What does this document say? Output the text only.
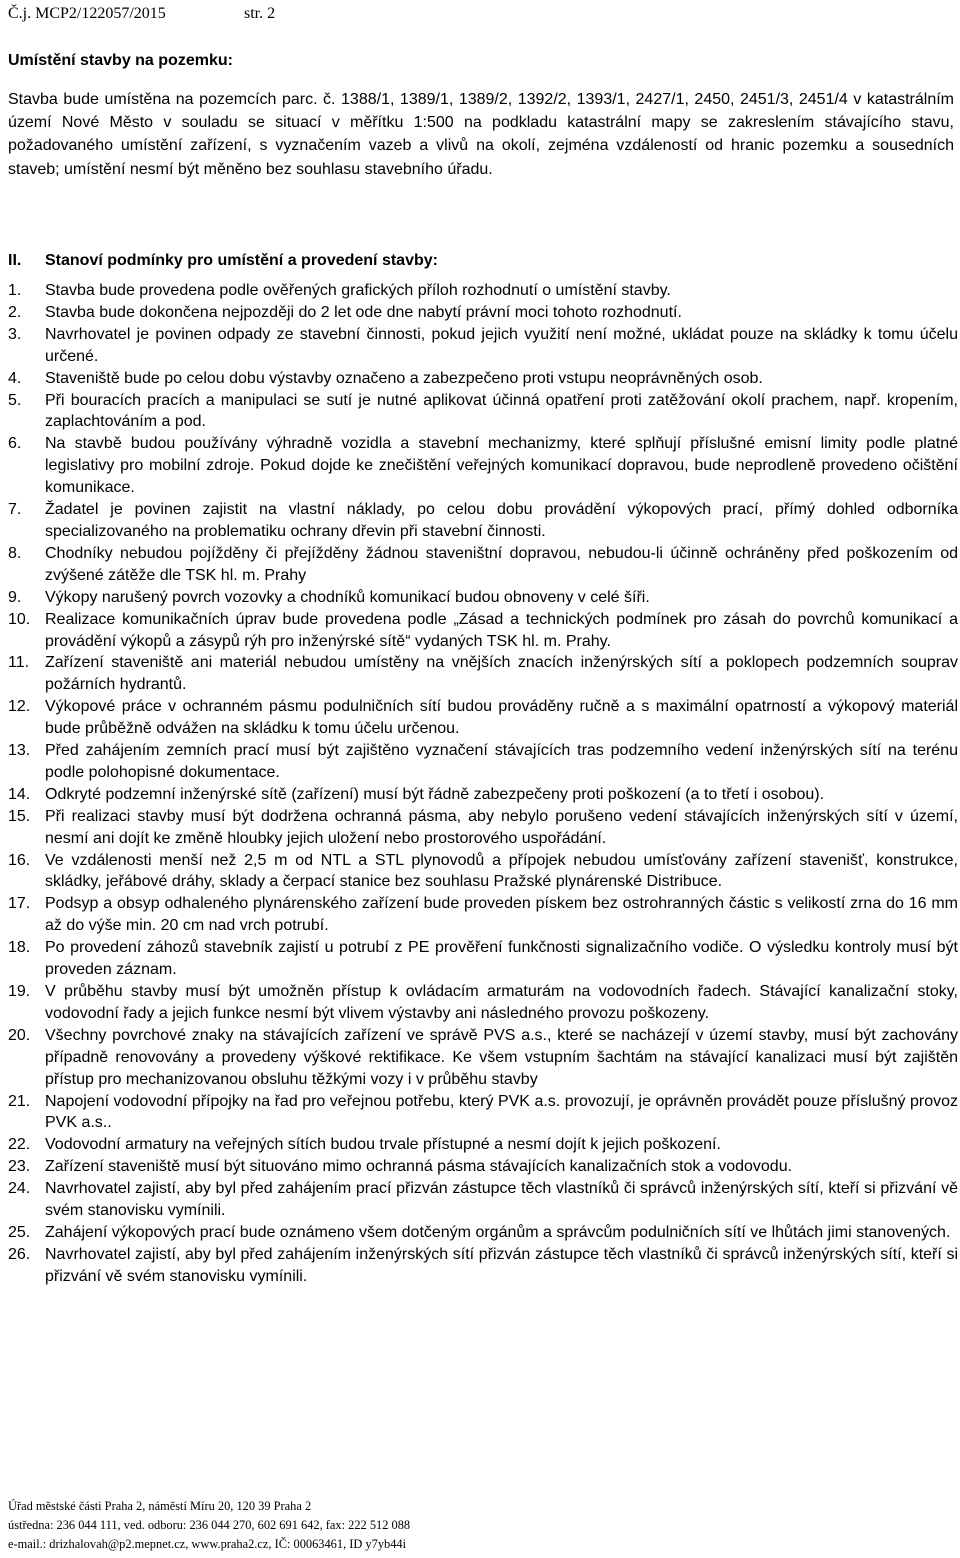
Č.j. MCP2/122057/2015	str. 2
Umístění stavby na pozemku:
Stavba bude umístěna na pozemcích parc. č. 1388/1, 1389/1, 1389/2, 1392/2, 1393/1, 2427/1, 2450, 2451/3, 2451/4 v katastrálním území Nové Město v souladu se situací v měřítku 1:500 na podkladu katastrální mapy se zakreslením stávajícího stavu, požadovaného umístění zařízení, s vyznačením vazeb a vlivů na okolí, zejména vzdáleností od hranic pozemku a sousedních staveb; umístění nesmí být měněno bez souhlasu stavebního úřadu.
II. Stanoví podmínky pro umístění a provedení stavby:
1.	Stavba bude provedena podle ověřených grafických příloh rozhodnutí o umístění stavby.
2.	Stavba bude dokončena nejpozději do 2 let ode dne nabytí právní moci tohoto rozhodnutí.
3.	Navrhovatel je povinen odpady ze stavební činnosti, pokud jejich využití není možné, ukládat pouze na skládky k tomu účelu určené.
4.	Staveniště bude po celou dobu výstavby označeno a zabezpečeno proti vstupu neoprávněných osob.
5.	Při bouracích pracích a manipulaci se sutí je nutné aplikovat účinná opatření proti zatěžování okolí prachem, např. kropením, zaplachtováním a pod.
6.	Na stavbě budou používány výhradně vozidla a stavební mechanizmy, které splňují příslušné emisní limity podle platné legislativy pro mobilní zdroje. Pokud dojde ke znečištění veřejných komunikací dopravou, bude neprodleně provedeno očištění komunikace.
7.	Žadatel je povinen zajistit na vlastní náklady, po celou dobu provádění výkopových prací, přímý dohled odborníka specializovaného na problematiku ochrany dřevin při stavební činnosti.
8.	Chodníky nebudou pojížděny či přejížděny žádnou staveništní dopravou, nebudou-li účinně ochráněny před poškozením od zvýšené zátěže dle TSK hl. m. Prahy
9.	Výkopy narušený povrch vozovky a chodníků komunikací budou obnoveny v celé šíři.
10. Realizace komunikačních úprav bude provedena podle „Zásad a technických podmínek pro zásah do povrchů komunikací a provádění výkopů a zásypů rýh pro inženýrské sítě“ vydaných TSK hl. m. Prahy.
11. Zařízení staveniště ani materiál nebudou umístěny na vnějších znacích inženýrských sítí a poklopech podzemních souprav požárních hydrantů.
12. Výkopové práce v ochranném pásmu podulničních sítí budou prováděny ručně a s maximální opatrností a výkopový materiál bude průběžně odvážen na skládku k tomu účelu určenou.
13. Před zahájením zemních prací musí být zajištěno vyznačení stávajících tras podzemního vedení inženýrských sítí na terénu podle polohopisné dokumentace.
14. Odkryté podzemní inženýrské sítě (zařízení) musí být řádně zabezpečeny proti poškození (a to třetí i osobou).
15. Při realizaci stavby musí být dodržena ochranná pásma, aby nebylo porušeno vedení stávajících inženýrských sítí v území, nesmí ani dojít ke změně hloubky jejich uložení nebo prostorového uspořádání.
16. Ve vzdálenosti menší než 2,5 m od NTL a STL plynovodů a přípojek nebudou umísťovány zařízení stavenišť, konstrukce, skládky, jeřábové dráhy, sklady a čerpací stanice bez souhlasu Pražské plynárenské Distribuce.
17. Podsyp a obsyp odhaleného plynárenského zařízení bude proveden pískem bez ostrohranných částic s velikostí zrna do 16 mm až do výše min. 20 cm nad vrch potrubí.
18. Po provedení záhozů stavebník zajistí u potrubí z PE prověření funkčnosti signalizačního vodiče. O výsledku kontroly musí být proveden záznam.
19. V průběhu stavby musí být umožněn přístup k ovládacím armaturám na vodovodních řadech. Stávající kanalizační stoky, vodovodní řady a jejich funkce nesmí být vlivem výstavby ani následného provozu poškozeny.
20. Všechny povrchové znaky na stávajících zařízení ve správě PVS a.s., které se nacházejí v území stavby, musí být zachovány případně renovovány a provedeny výškové rektifikace. Ke všem vstupním šachtám na stávající kanalizaci musí být zajištěn přístup pro mechanizovanou obsluhu těžkými vozy i v průběhu stavby
21. Napojení vodovodní přípojky na řad pro veřejnou potřebu, který PVK a.s. provozují, je oprávněn provádět pouze příslušný provoz PVK a.s..
22. Vodovodní armatury na veřejných sítích budou trvale přístupné a nesmí dojít k jejich poškození.
23. Zařízení staveniště musí být situováno mimo ochranná pásma stávajících kanalizačních stok a vodovodu.
24. Navrhovatel zajistí, aby byl před zahájením prací přizván zástupce těch vlastníků či správců inženýrských sítí, kteří si přizvání vě svém stanovisku vymínili.
25. Zahájení výkopových prací bude oznámeno všem dotčeným orgánům a správcům podulničních sítí ve lhůtách jimi stanovených.
26. Navrhovatel zajistí, aby byl před zahájením inženýrských sítí přizván zástupce těch vlastníků či správců inženýrských sítí, kteří si přizvání vě svém stanovisku vymínili.
Úřad městské části Praha 2, náměstí Míru 20, 120 39 Praha 2
ústředna: 236 044 111, ved. odboru: 236 044 270, 602 691 642, fax: 222 512 088
e-mail.: drizhalovah@p2.mepnet.cz, www.praha2.cz, IČ: 00063461, ID y7yb44i
